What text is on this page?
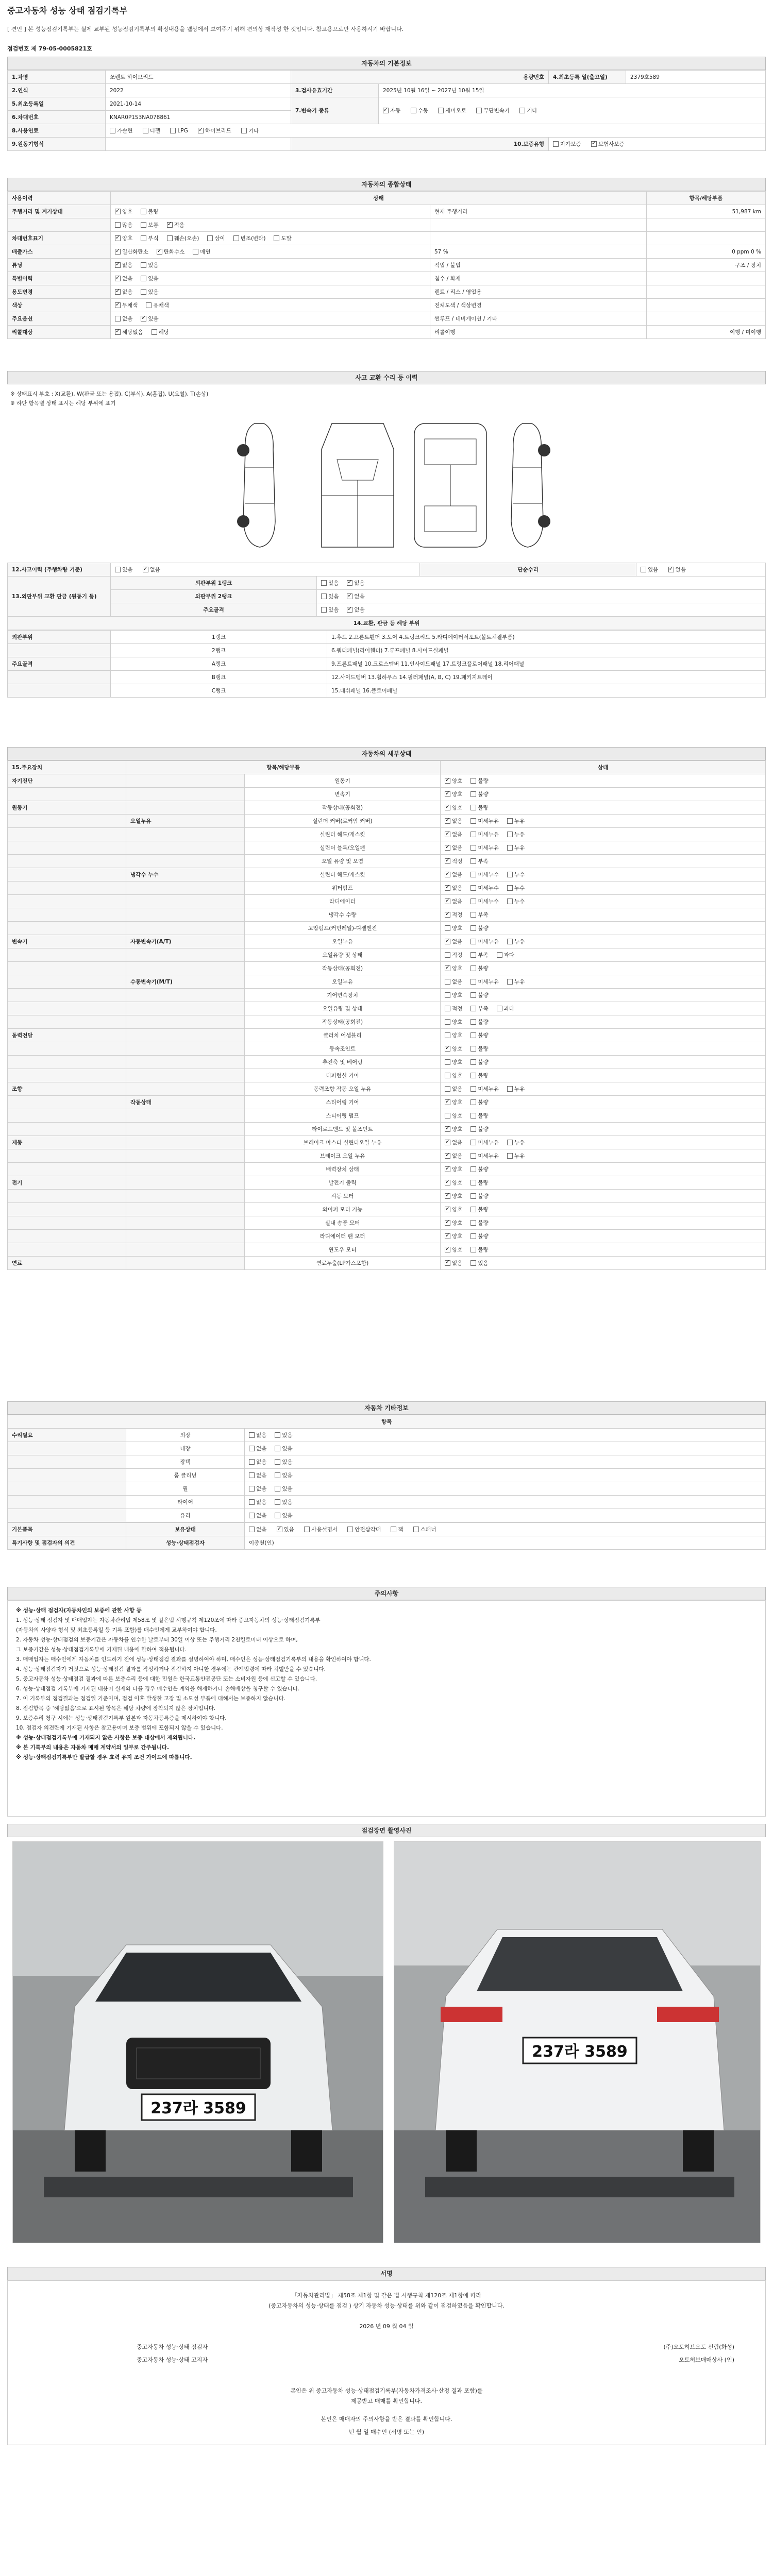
중고자동차 성능 상태 점검기록부
[ 견인 ] 본 성능점검기록부는 실제 교부된 성능점검기록부의 확정내용을 웹상에서 보여주기 위해 편의상 재작성 한 것입니다. 참고용으로만 사용하시기 바랍니다.
점검번호 제 79-05-0005821호
자동차의 기본정보
1.차명	쏘렌토 하이브리드	용량번호		4.최초등록 일(출고일)	2379호589
2.연식	2022	3.검사유효기간	2025년 10월 16일 ~ 2027년 10월 15일		
5.최초등록일	2021-10-14	7.변속기 종류	✓자동 수동 세미오토 무단변속기 기타
6.차대번호	KNAR0P1S3NA078861				
8.사용연료	가솔린 디젤 LPG ✓ 하이브리드 기타
9.원동기형식		10.보증유형		자가보증 ✓ 보험사보증
자동차의 종합상태
사용이력	상태		항목/해당부품
주행거리 및 계기상태	✓양호 불량	현재 주행거리	51,987 km
	많음 보통 ✓ 적음		
차대번호표기	✓양호 부식 훼손(오손) 상이 변조(변타) 도말		
배출가스	✓일산화탄소 ✓ 탄화수소 매연	57 %	0 ppm 0 %
튜닝	✓없음 있음	적법 / 불법	구조 / 장치
특별이력	✓없음 있음	침수 / 화재	
용도변경	✓없음 있음	렌트 / 리스 / 영업용	
색상	✓무채색 유채색	전체도색 / 색상변경	
주요옵션	없음 ✓ 있음	썬루프 / 네비게이션 / 기타	
리콜대상	✓해당없음 해당	리콜이행	이행 / 미이행
사고 교환 수리 등 이력
※ 상태표시 부호 : X(교환), W(판금 또는 용접), C(부식), A(흠집), U(요철), T(손상)
※ 하단 항목별 상태 표시는 해당 부위에 표기
12.사고이력 (주행차량 기준)	있음 ✓ 없음		단순수리	있음 ✓ 없음
13.외판부위 교환 판금 (원동기 등)	외판부위 1랭크	있음 ✓ 없음
	외판부위 2랭크	있음 ✓ 없음
	주요골격	있음 ✓ 없음
14.교환, 판금 등 해당 부위				
외판부위	1랭크	1.후드 2.프론트휀더 3.도어 4.트렁크리드 5.라디에이터서포트(볼트체결부품)
	2랭크	6.쿼터패널(리어휀더) 7.루프패널 8.사이드실패널
주요골격	A랭크	9.프론트패널 10.크로스멤버 11.인사이드패널 17.트렁크플로어패널 18.리어패널
	B랭크	12.사이드멤버 13.휠하우스 14.필러패널(A, B, C) 19.패키지트레이
	C랭크	15.대쉬패널 16.플로어패널
자동차의 세부상태
15.주요장치	항목/해당부품		상태
자기진단		원동기	✓양호 불량
		변속기	✓양호 불량
원동기		작동상태(공회전)	✓양호 불량
	오일누유	실린더 커버(로커암 커버)	✓없음 미세누유 누유
		실린더 헤드/개스킷	✓없음 미세누유 누유
		실린더 블록/오일팬	✓없음 미세누유 누유
		오일 유량 및 오염	✓적정 부족
	냉각수 누수	실린더 헤드/개스킷	✓없음 미세누수 누수
		워터펌프	✓없음 미세누수 누수
		라디에이터	✓없음 미세누수 누수
		냉각수 수량	✓적정 부족
		고압펌프(커먼레일)-디젤엔진	양호 불량
변속기	자동변속기(A/T)	오일누유	✓없음 미세누유 누유
		오일유량 및 상태	적정 부족 과다
		작동상태(공회전)	✓양호 불량
	수동변속기(M/T)	오일누유	없음 미세누유 누유
		기어변속장치	양호 불량
		오일유량 및 상태	적정 부족 과다
		작동상태(공회전)	양호 불량
동력전달		클러치 어셈블리	양호 불량
		등속조인트	✓양호 불량
		추진축 및 베어링	양호 불량
		디퍼런셜 기어	양호 불량
조향		동력조향 작동 오일 누유	없음 미세누유 누유
	작동상태	스티어링 기어	✓양호 불량
		스티어링 펌프	양호 불량
		타이로드엔드 및 볼조인트	✓양호 불량
제동		브레이크 마스터 실린더오일 누유	✓없음 미세누유 누유
		브레이크 오일 누유	✓없음 미세누유 누유
		배력장치 상태	✓양호 불량
전기		발전기 출력	✓양호 불량
		시동 모터	✓양호 불량
		와이퍼 모터 기능	✓양호 불량
		실내 송풍 모터	✓양호 불량
		라디에이터 팬 모터	✓양호 불량
		윈도우 모터	✓양호 불량
연료		연료누출(LP가스포함)	✓없음 있음
자동차 기타정보
항목		
수리필요	외장	없음 있음
	내장	없음 있음
	광택	없음 있음
	룸 클리닝	없음 있음
	휠	없음 있음
	타이어	없음 있음
	유리	없음 있음
기본품목	보유상태	없음 ✓ 있음 사용설명서 안전삼각대 잭 스패너
특기사항 및 점검자의 의견	성능·상태점검자	이종천(인)
주의사항

※ 성능·상태 점검자(자동차인의 보증에 관한 사항 등

1. 성능·상태 점검자 및 매매업자는 자동차관리법 제58조 및 같은법 시행규칙 제120조에 따라 중고자동차의 성능·상태점검기록부

(자동차의 사양과 형식 및 최초등록일 등 기록 포함)를 매수인에게 교부하여야 합니다.

2. 자동차 성능·상태점검의 보증기간은 자동차를 인수한 날로부터 30일 이상 또는 주행거리 2천킬로미터 이상으로 하며,

그 보증기간은 성능·상태점검기록부에 기재된 내용에 한하여 적용됩니다.

3. 매매업자는 매수인에게 자동차를 인도하기 전에 성능·상태점검 결과를 설명하여야 하며, 매수인은 성능·상태점검기록부의 내용을 확인하여야 합니다.

4. 성능·상태점검자가 거짓으로 성능·상태점검 결과를 작성하거나 점검하지 아니한 경우에는 관계법령에 따라 처벌받을 수 있습니다.

5. 중고자동차 성능·상태점검 결과에 따른 보증수리 등에 대한 민원은 한국교통안전공단 또는 소비자원 등에 신고할 수 있습니다.

6. 성능·상태점검 기록부에 기재된 내용이 실제와 다를 경우 매수인은 계약을 해제하거나 손해배상을 청구할 수 있습니다.

7. 이 기록부의 점검결과는 점검일 기준이며, 점검 이후 발생한 고장 및 소모성 부품에 대해서는 보증하지 않습니다.

8. 점검항목 중 '해당없음'으로 표시된 항목은 해당 차량에 장착되지 않은 장치입니다.

9. 보증수리 청구 시에는 성능·상태점검기록부 원본과 자동차등록증을 제시하여야 합니다.

10. 점검자 의견란에 기재된 사항은 참고용이며 보증 범위에 포함되지 않을 수 있습니다.

※ 성능·상태점검기록부에 기재되지 않은 사항은 보증 대상에서 제외됩니다.

※ 본 기록부의 내용은 자동차 매매 계약서의 일부로 간주됩니다.

※ 성능·상태점검기록부만 발급할 경우 효력 유지 조건 가이드에 따릅니다.

점검장면 촬영사진
237라 3589
237라 3589
서명

「자동차관리법」 제58조 제1항 및 같은 법 시행규칙 제120조 제1항에 따라

(중고자동차의 성능·상태를 점검 ) 상기 자동차 성능·상태를 위와 같이 점검하였음을 확인합니다.

2026 년 09 월 04 일

중고자동차 성능·상태 점검자	(주)오토허브오토 신림(화성)

중고자동차 성능·상태 고지자	오토허브매매상사 (인)

본인은 위 중고자동차 성능·상태점검기록부(자동차가격조사·산정 결과 포함)를

제공받고 매매를 확인합니다.

본인은 매매자의 주의사항을 받은 결과를 확인합니다.

년 월 일 매수인 (서명 또는 인)
